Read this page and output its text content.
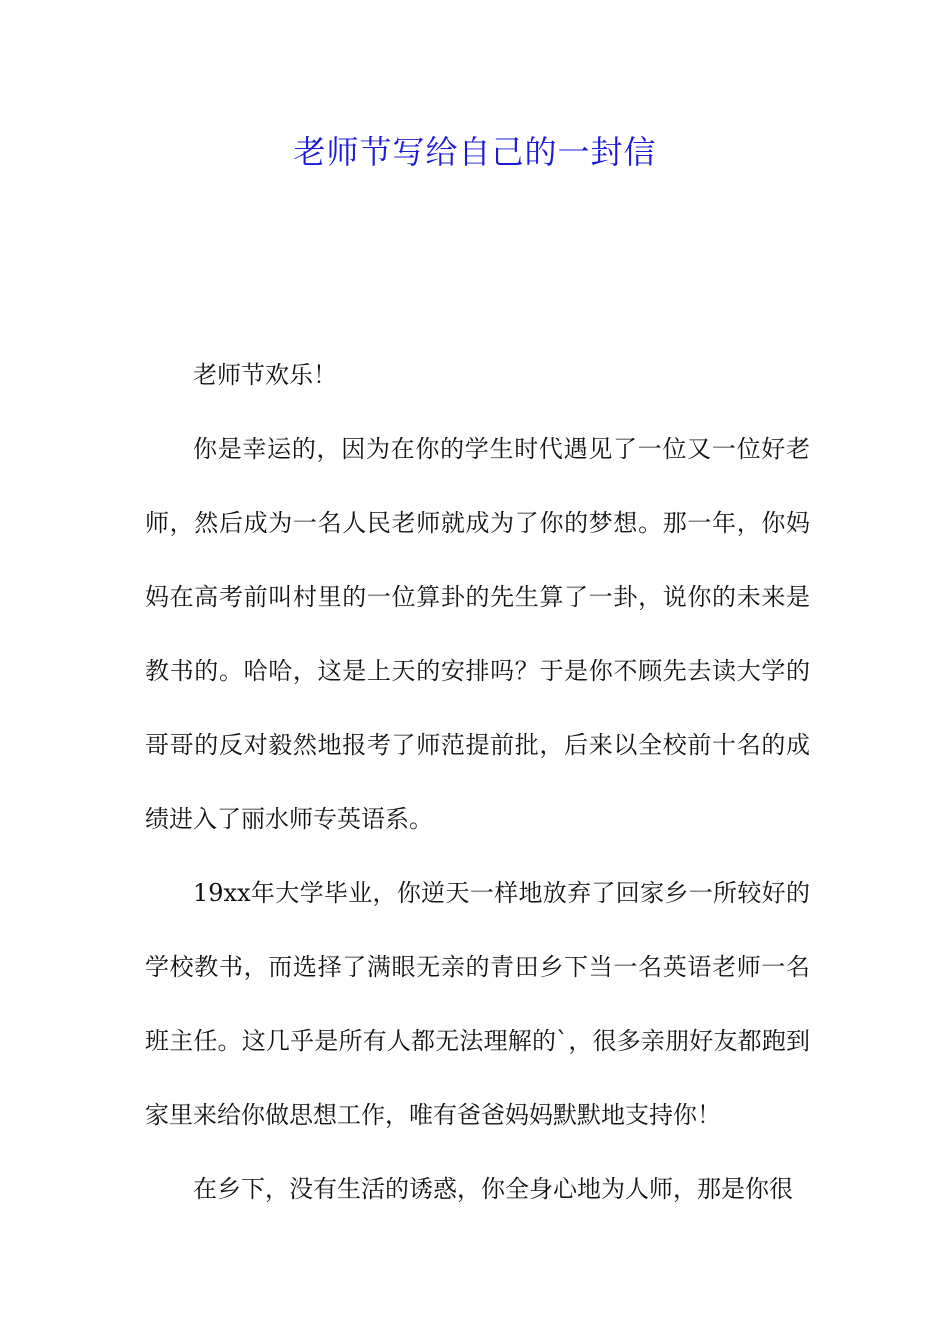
老师节写给自己的一封信

老师节欢乐！

你是幸运的，因为在你的学生时代遇见了一位又一位好老师，然后成为一名人民老师就成为了你的梦想。那一年，你妈妈在高考前叫村里的一位算卦的先生算了一卦，说你的未来是教书的。哈哈，这是上天的安排吗？于是你不顾先去读大学的哥哥的反对毅然地报考了师范提前批，后来以全校前十名的成绩进入了丽水师专英语系。

19xx年大学毕业，你逆天一样地放弃了回家乡一所较好的学校教书，而选择了满眼无亲的青田乡下当一名英语老师一名班主任。这几乎是所有人都无法理解的`，很多亲朋好友都跑到家里来给你做思想工作，唯有爸爸妈妈默默地支持你！

在乡下，没有生活的诱惑，你全身心地为人师，那是你很
